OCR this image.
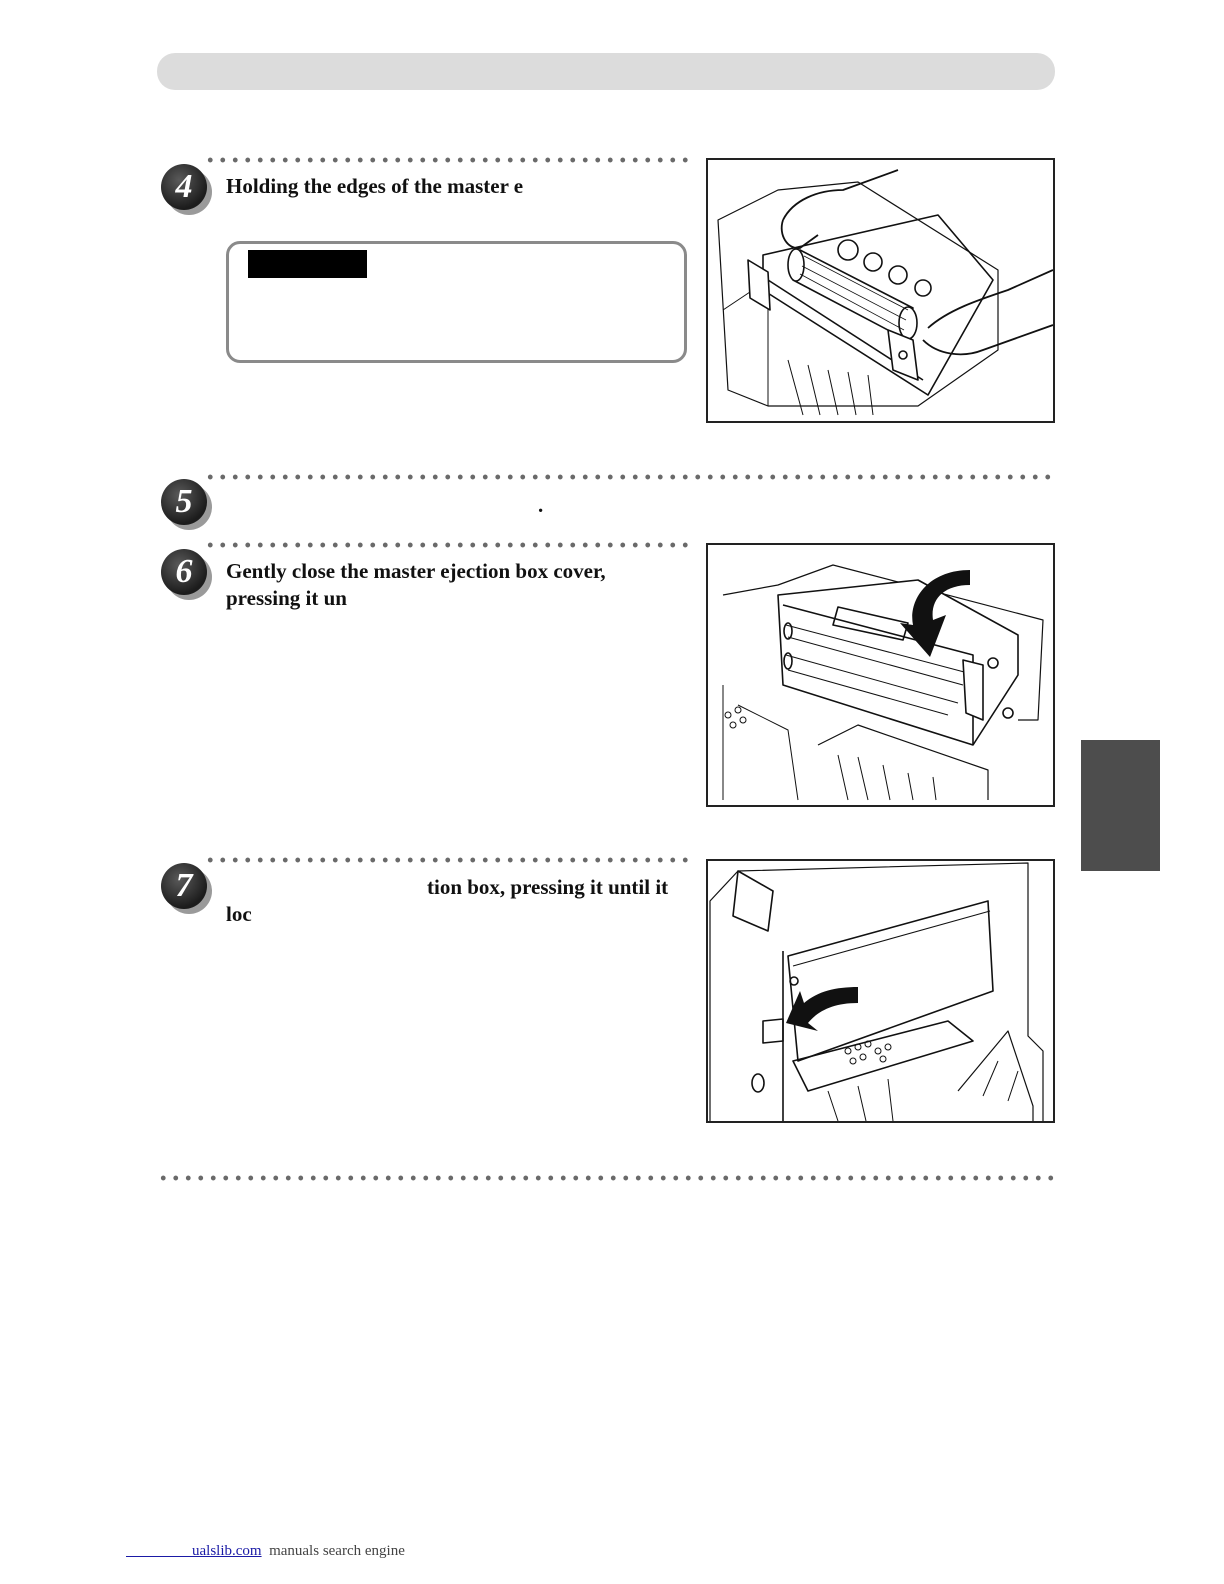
4	Holding the edges of the master e
5	.
6	Gently close the master ejection box cover,
pressing it un
7	tion box, pressing it until it
loc
ualslib.com manuals search engine
